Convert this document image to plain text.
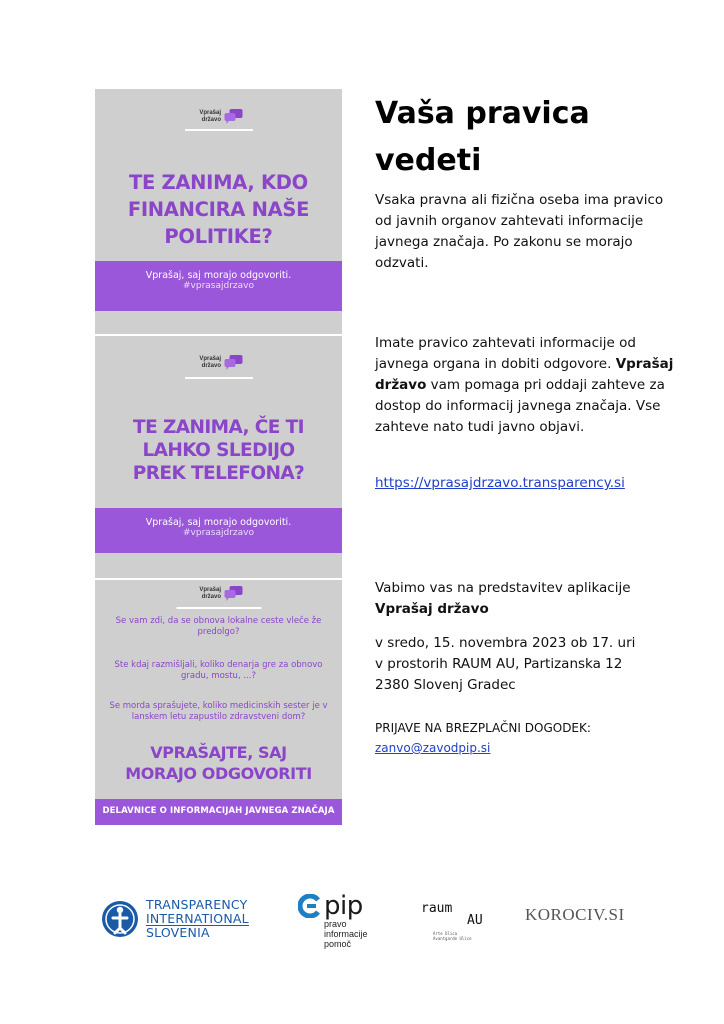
Vprašaj
državo
TE ZANIMA, KDO
FINANCIRA NAŠE
POLITIKE?
Vprašaj, saj morajo odgovoriti.
#vprasajdrzavo
Vprašaj
državo
TE ZANIMA, ČE TI
LAHKO SLEDIJO
PREK TELEFONA?
Vprašaj, saj morajo odgovoriti.
#vprasajdrzavo
Vprašaj
državo
Se vam zdi, da se obnova lokalne ceste vleče že predolgo?
Ste kdaj razmišljali, koliko denarja gre za obnovo gradu, mostu, ...?
Se morda sprašujete, koliko medicinskih sester je v lanskem letu zapustilo zdravstveni dom?
VPRAŠAJTE, SAJ
MORAJO ODGOVORITI
DELAVNICE O INFORMACIJAH JAVNEGA ZNAČAJA
Vaša pravica
vedeti

Vsaka pravna ali fizična oseba ima pravico od javnih organov zahtevati informacije javnega značaja. Po zakonu se morajo odzvati.

Imate pravico zahtevati informacije od javnega organa in dobiti odgovore. Vprašaj državo vam pomaga pri oddaji zahteve za dostop do informacij javnega značaja. Vse zahteve nato tudi javno objavi.

https://vprasajdrzavo.transparency.si

Vabimo vas na predstavitev aplikacije
Vprašaj državo

v sredo, 15. novembra 2023 ob 17. uri
v prostorih RAUM AU, Partizanska 12
2380 Slovenj Gradec

PRIJAVE NA BREZPLAČNI DOGODEK:
zanvo@zavodpip.si

TRANSPARENCY
INTERNATIONAL
SLOVENIA
pip
pravo
informacije
pomoč
raum
AU
Arte Ulica Avantgarde Ulice
KOROCIV.SI
